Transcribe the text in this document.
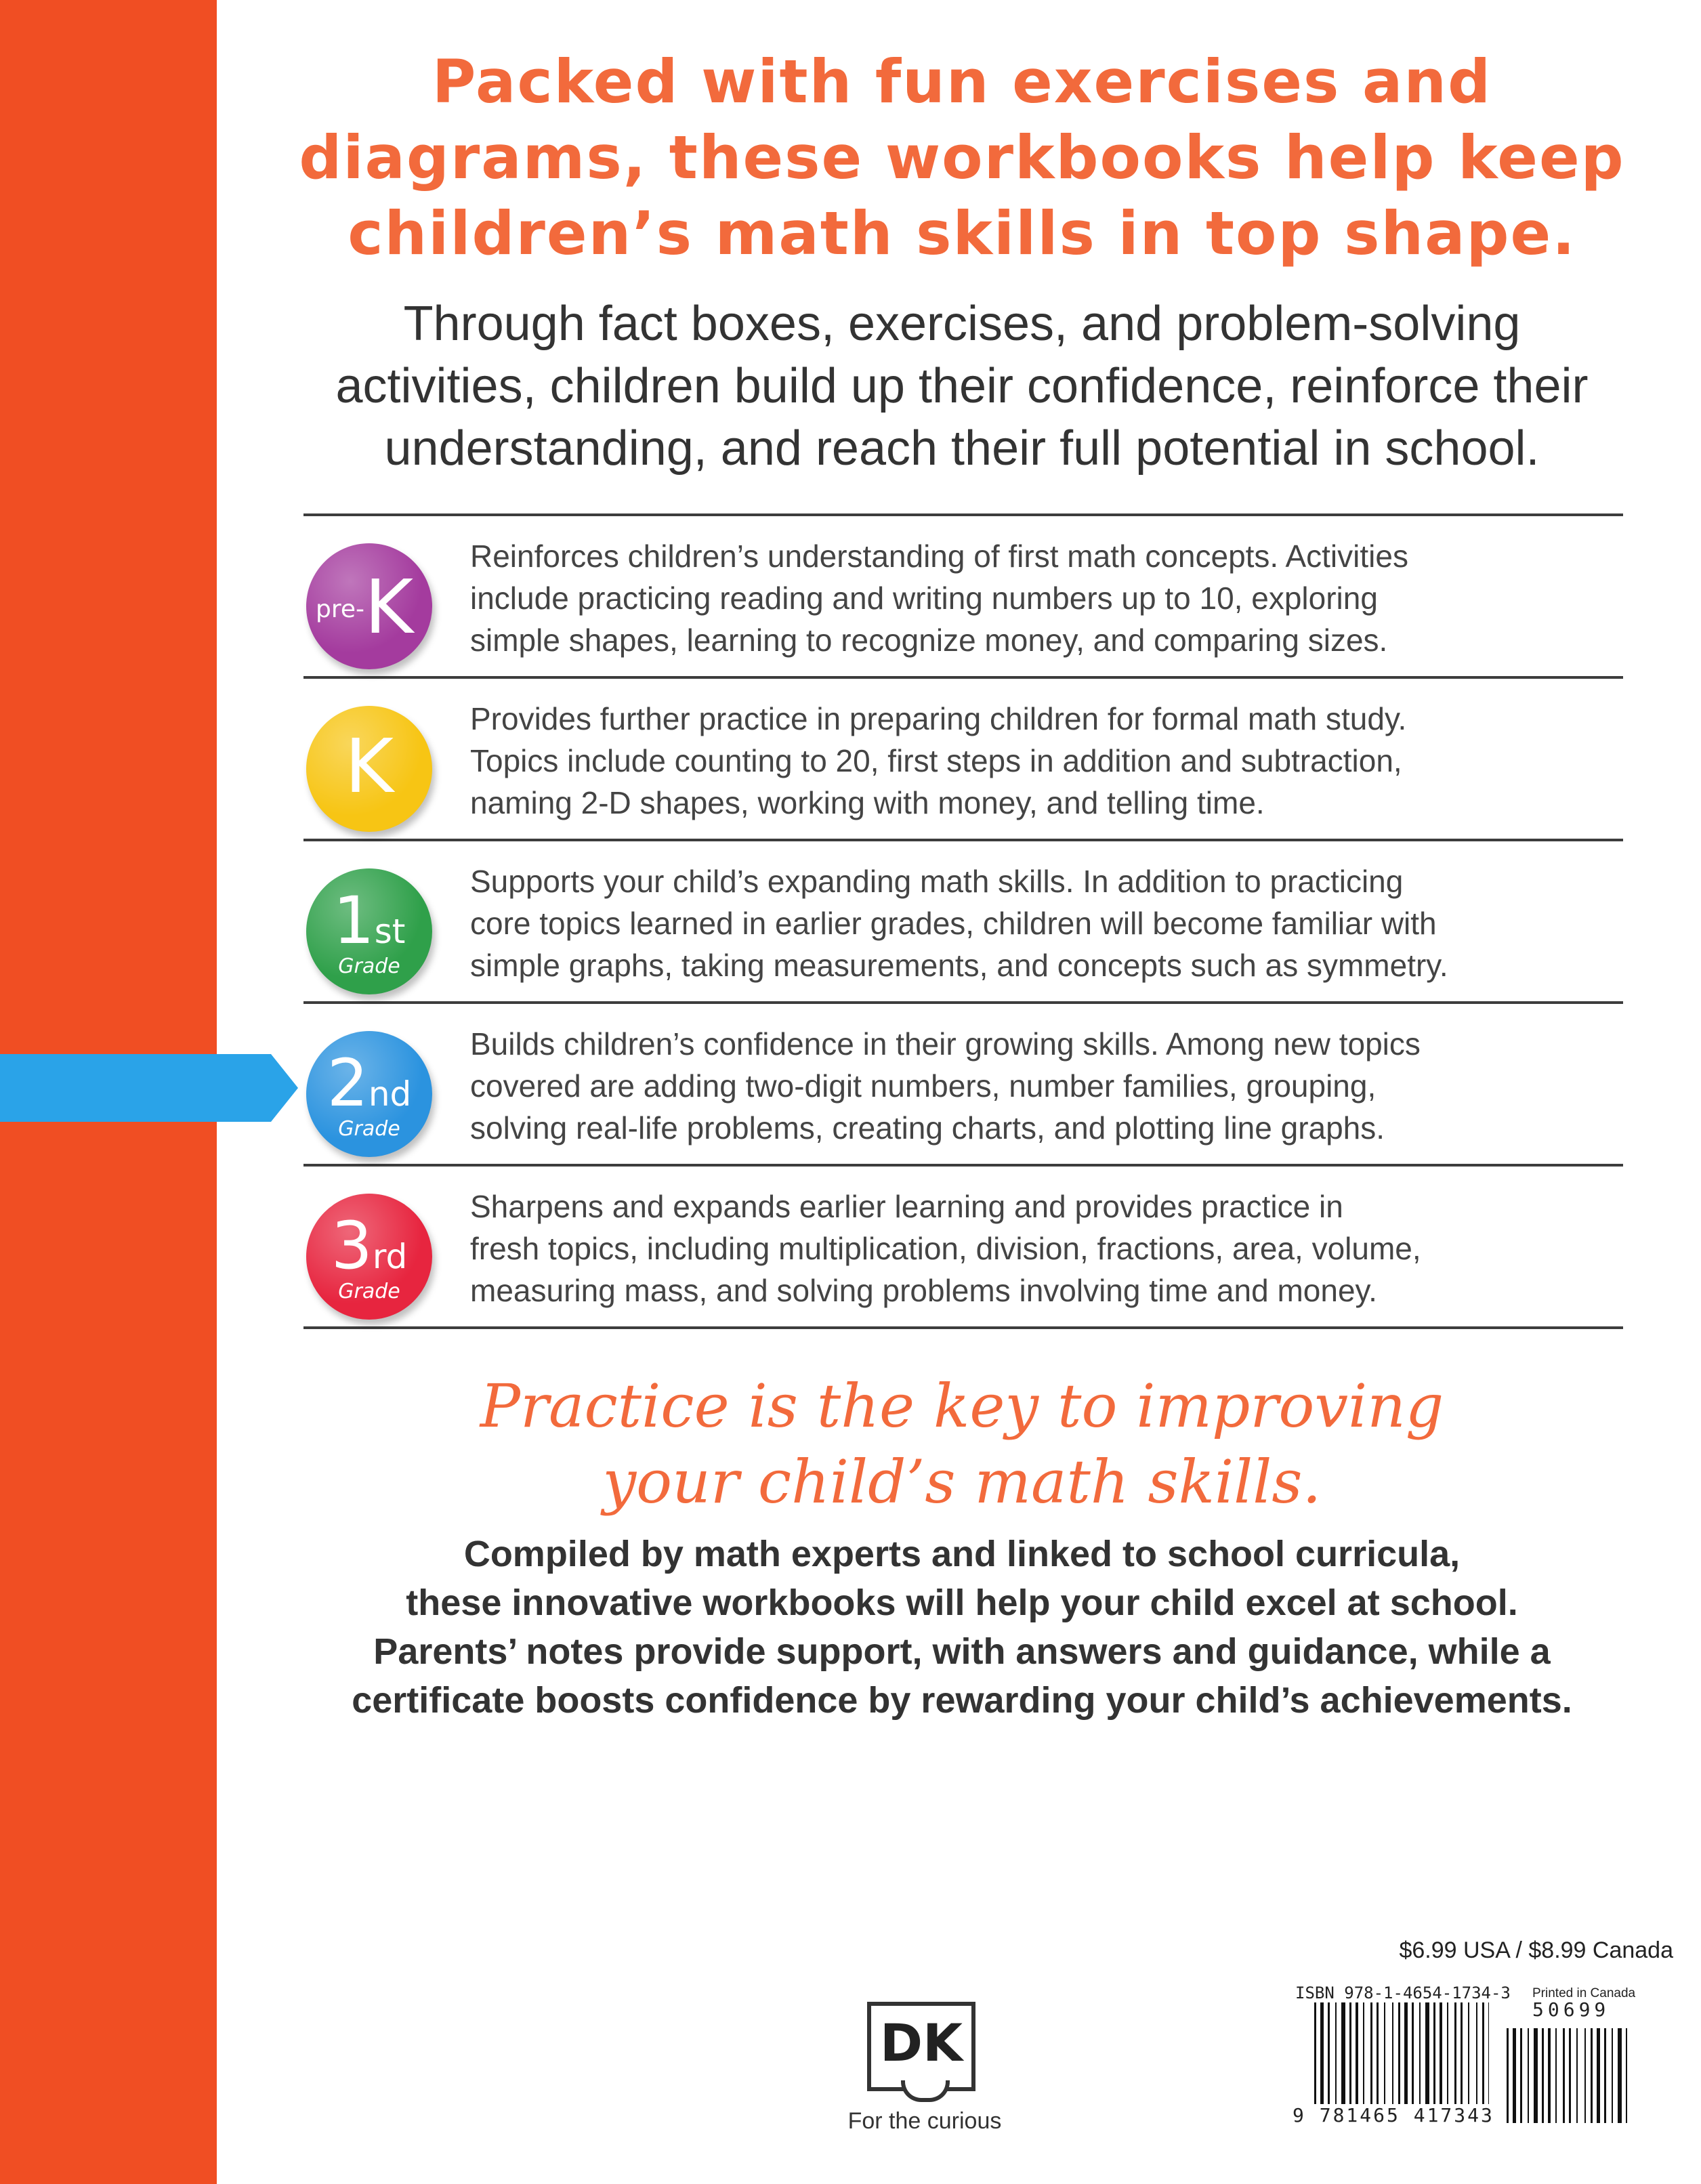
Packed with fun exercises and
diagrams, these workbooks help keep
children’s math skills in top shape.

Through fact boxes, exercises, and problem-solving
activities, children build up their confidence, reinforce their
understanding, and reach their full potential in school.

pre- K

Reinforces children’s understanding of first math concepts. Activities
include practicing reading and writing numbers up to 10, exploring
simple shapes, learning to recognize money, and comparing sizes.

K

Provides further practice in preparing children for formal math study.
Topics include counting to 20, first steps in addition and subtraction,
naming 2-D shapes, working with money, and telling time.

1st
Grade

Supports your child’s expanding math skills. In addition to practicing
core topics learned in earlier grades, children will become familiar with
simple graphs, taking measurements, and concepts such as symmetry.

2nd
Grade

Builds children’s confidence in their growing skills. Among new topics
covered are adding two-digit numbers, number families, grouping,
solving real-life problems, creating charts, and plotting line graphs.

3rd
Grade

Sharpens and expands earlier learning and provides practice in
fresh topics, including multiplication, division, fractions, area, volume,
measuring mass, and solving problems involving time and money.

Practice is the key to improving
your child’s math skills.

Compiled by math experts and linked to school curricula,
these innovative workbooks will help your child excel at school.
Parents’ notes provide support, with answers and guidance, while a
certificate boosts confidence by rewarding your child’s achievements.

DK
For the curious
$6.99 USA / $8.99 Canada
ISBN 978-1-4654-1734-3 Printed in Canada
50699
9 781465 417343
